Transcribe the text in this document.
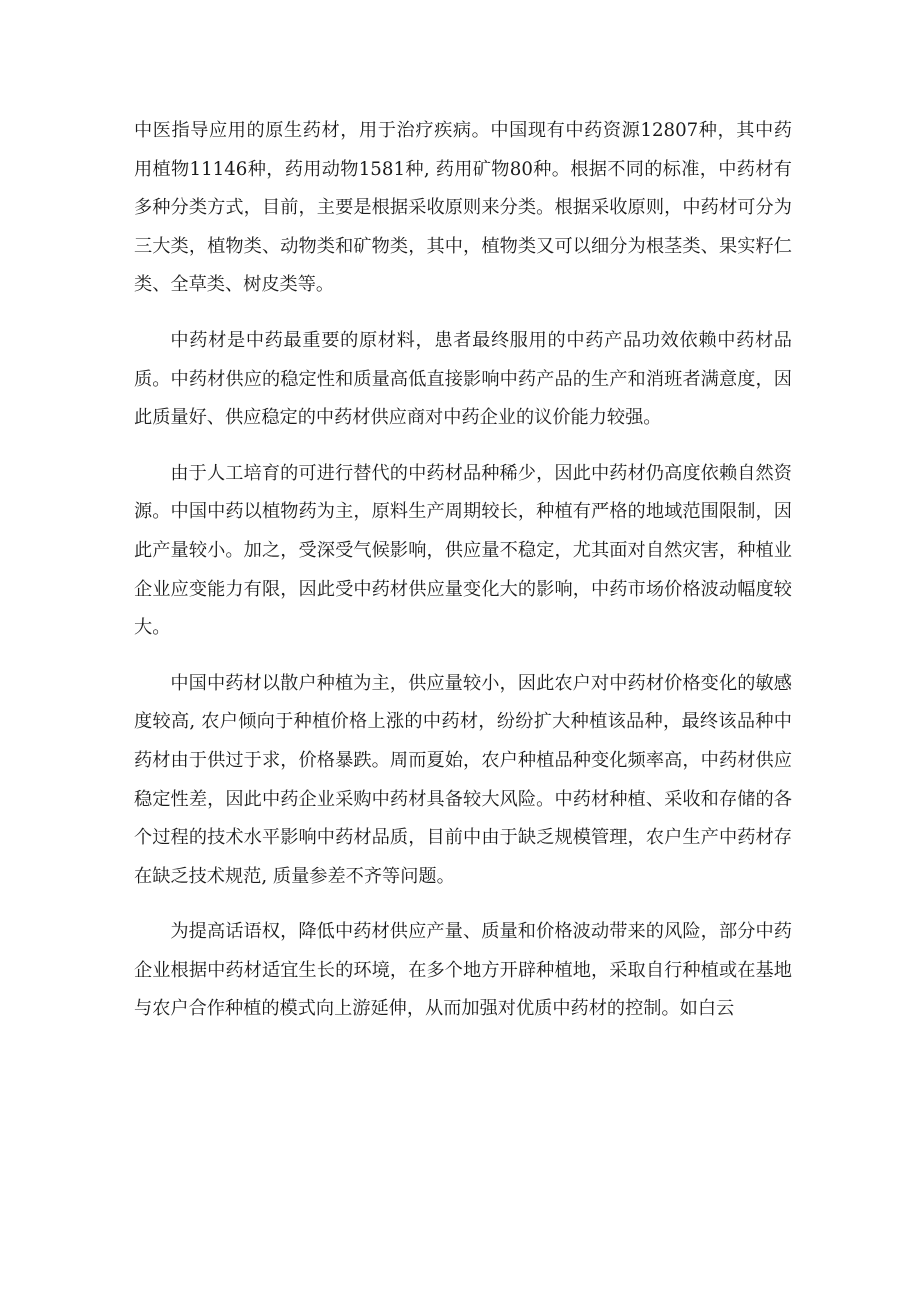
中医指导应用的原生药材，用于治疗疾病。中国现有中药资源12807种，其中药用植物11146种，药用动物1581种, 药用矿物80种。根据不同的标准，中药材有多种分类方式，目前，主要是根据采收原则来分类。根据采收原则，中药材可分为三大类，植物类、动物类和矿物类，其中，植物类又可以细分为根茎类、果实籽仁类、全草类、树皮类等。

中药材是中药最重要的原材料，患者最终服用的中药产品功效依赖中药材品质。中药材供应的稳定性和质量高低直接影响中药产品的生产和消班者满意度，因此质量好、供应稳定的中药材供应商对中药企业的议价能力较强。

由于人工培育的可进行替代的中药材品种稀少，因此中药材仍高度依赖自然资源。中国中药以植物药为主，原料生产周期较长，种植有严格的地域范围限制，因此产量较小。加之，受深受气候影响，供应量不稳定，尤其面对自然灾害，种植业企业应变能力有限，因此受中药材供应量变化大的影响，中药市场价格波动幅度较大。

中国中药材以散户种植为主，供应量较小，因此农户对中药材价格变化的敏感度较高, 农户倾向于种植价格上涨的中药材，纷纷扩大种植该品种，最终该品种中药材由于供过于求，价格暴跌。周而夏始，农户种植品种变化频率高，中药材供应稳定性差，因此中药企业采购中药材具备较大风险。中药材种植、采收和存储的各个过程的技术水平影响中药材品质，目前中由于缺乏规模管理，农户生产中药材存在缺乏技术规范, 质量参差不齐等问题。

为提高话语权，降低中药材供应产量、质量和价格波动带来的风险，部分中药企业根据中药材适宜生长的环境，在多个地方开辟种植地，采取自行种植或在基地与农户合作种植的模式向上游延伸，从而加强对优质中药材的控制。如白云
